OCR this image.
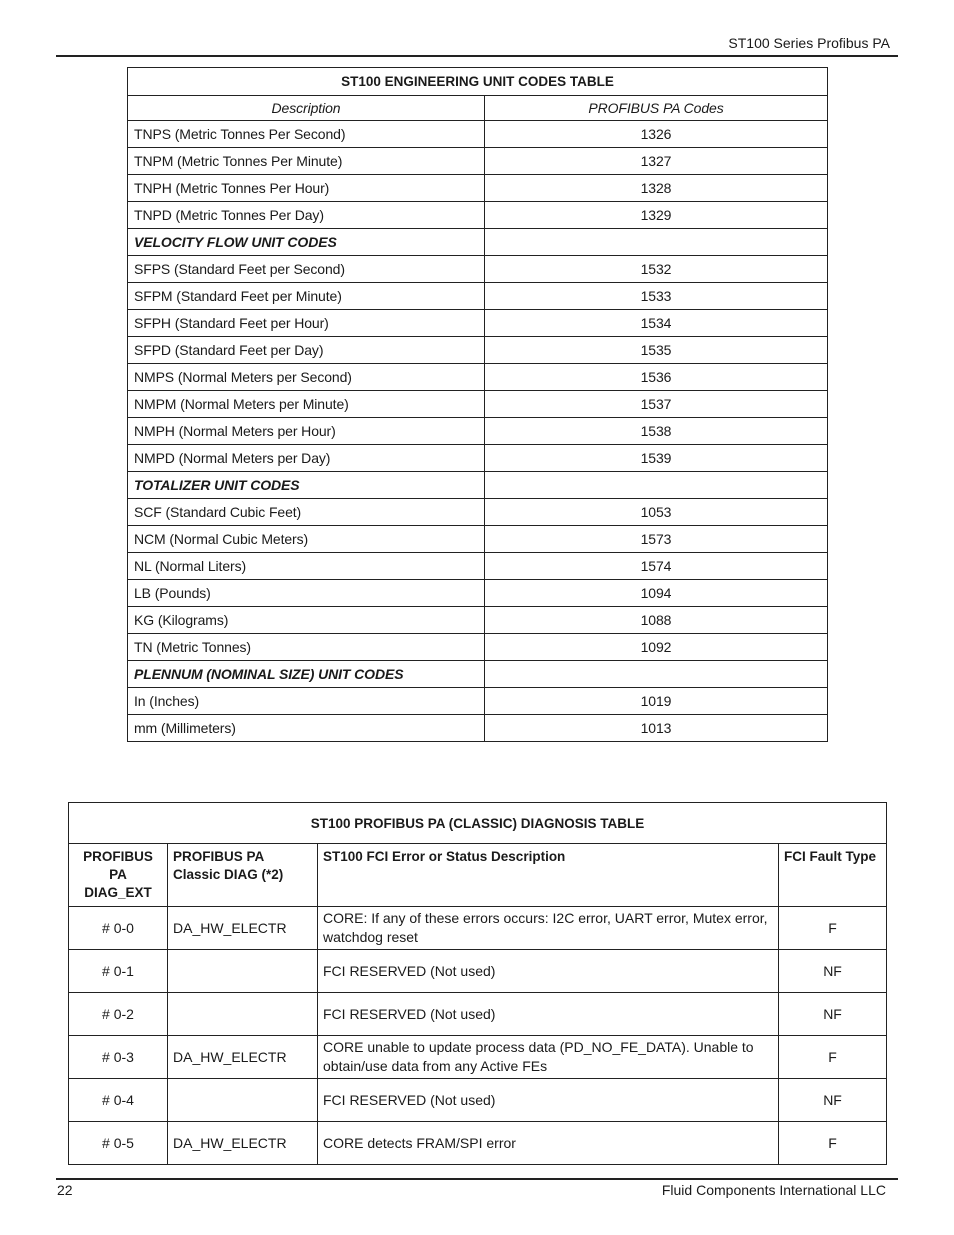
ST100 Series Profibus PA
ST100 ENGINEERING UNIT CODES TABLE	
Description	PROFIBUS PA Codes
TNPS (Metric Tonnes Per Second)	1326
TNPM (Metric Tonnes Per Minute)	1327
TNPH (Metric Tonnes Per Hour)	1328
TNPD (Metric Tonnes Per Day)	1329
VELOCITY FLOW UNIT CODES	
SFPS (Standard Feet per Second)	1532
SFPM (Standard Feet per Minute)	1533
SFPH (Standard Feet per Hour)	1534
SFPD (Standard Feet per Day)	1535
NMPS (Normal Meters per Second)	1536
NMPM (Normal Meters per Minute)	1537
NMPH (Normal Meters per Hour)	1538
NMPD (Normal Meters per Day)	1539
TOTALIZER UNIT CODES	
SCF (Standard Cubic Feet)	1053
NCM (Normal Cubic Meters)	1573
NL (Normal Liters)	1574
LB (Pounds)	1094
KG (Kilograms)	1088
TN (Metric Tonnes)	1092
PLENNUM (NOMINAL SIZE) UNIT CODES	
In (Inches)	1019
mm (Millimeters)	1013
ST100 PROFIBUS PA (CLASSIC) DIAGNOSIS TABLE			
PROFIBUS PA DIAG_EXT	PROFIBUS PA Classic DIAG (*2)	ST100 FCI Error or Status Description	FCI Fault Type
# 0-0	DA_HW_ELECTR	CORE: If any of these errors occurs: I2C error, UART error, Mutex error, watchdog reset	F
# 0-1		FCI RESERVED (Not used)	NF
# 0-2		FCI RESERVED (Not used)	NF
# 0-3	DA_HW_ELECTR	CORE unable to update process data (PD_NO_FE_DATA). Unable to obtain/use data from any Active FEs	F
# 0-4		FCI RESERVED (Not used)	NF
# 0-5	DA_HW_ELECTR	CORE detects FRAM/SPI error	F
22	Fluid Components International LLC
